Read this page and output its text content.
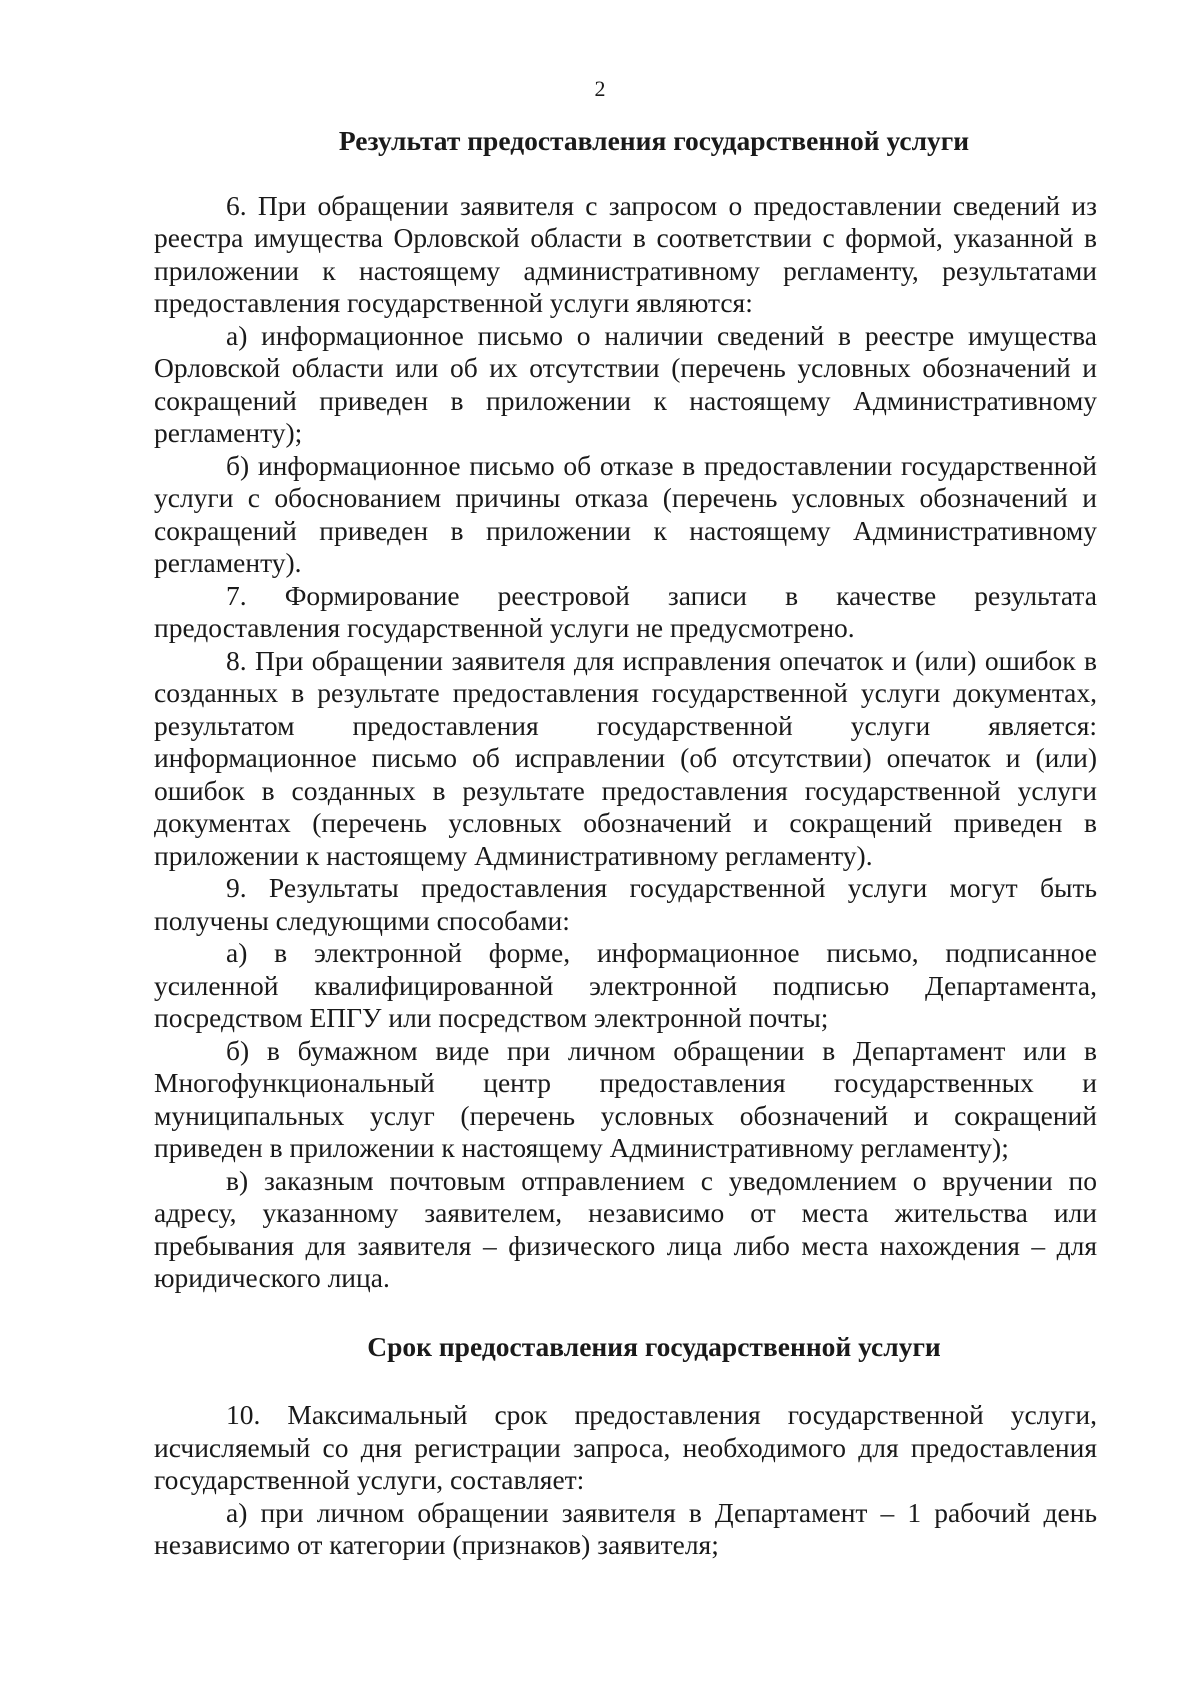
2
Результат предоставления государственной услуги

6. При обращении заявителя с запросом о предоставлении сведений из реестра имущества Орловской области в соответствии с формой, указанной в приложении к настоящему административному регламенту, результатами предоставления государственной услуги являются:

а) информационное письмо о наличии сведений в реестре имущества Орловской области или об их отсутствии (перечень условных обозначений и сокращений приведен в приложении к настоящему Административному регламенту);

б) информационное письмо об отказе в предоставлении государственной услуги с обоснованием причины отказа (перечень условных обозначений и сокращений приведен в приложении к настоящему Административному регламенту).

7. Формирование реестровой записи в качестве результата предоставления государственной услуги не предусмотрено.

8. При обращении заявителя для исправления опечаток и (или) ошибок в созданных в результате предоставления государственной услуги документах, результатом предоставления государственной услуги является: информационное письмо об исправлении (об отсутствии) опечаток и (или) ошибок в созданных в результате предоставления государственной услуги документах (перечень условных обозначений и сокращений приведен в приложении к настоящему Административному регламенту).

9. Результаты предоставления государственной услуги могут быть получены следующими способами:

а) в электронной форме, информационное письмо, подписанное усиленной квалифицированной электронной подписью Департамента, посредством ЕПГУ или посредством электронной почты;

б) в бумажном виде при личном обращении в Департамент или в Многофункциональный центр предоставления государственных и муниципальных услуг (перечень условных обозначений и сокращений приведен в приложении к настоящему Административному регламенту);

в) заказным почтовым отправлением с уведомлением о вручении по адресу, указанному заявителем, независимо от места жительства или пребывания для заявителя – физического лица либо места нахождения – для юридического лица.

Срок предоставления государственной услуги

10. Максимальный срок предоставления государственной услуги, исчисляемый со дня регистрации запроса, необходимого для предоставления государственной услуги, составляет:

а) при личном обращении заявителя в Департамент – 1 рабочий день независимо от категории (признаков) заявителя;
